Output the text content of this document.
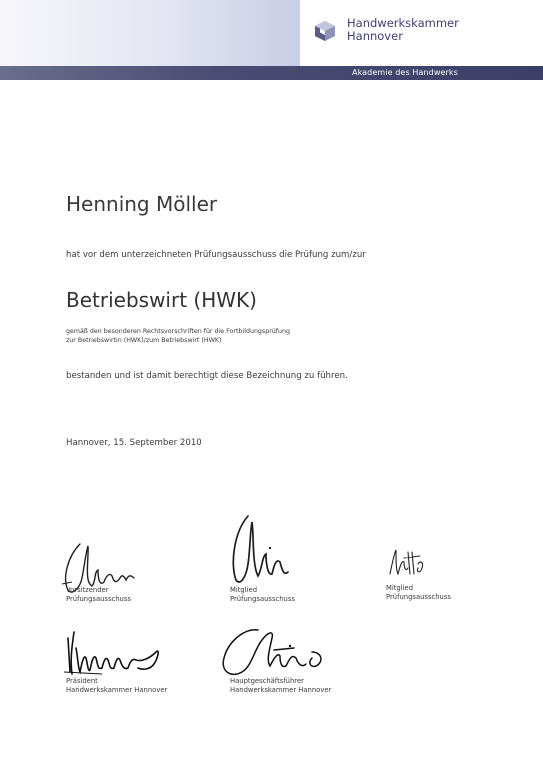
Handwerkskammer
Hannover
Akademie des Handwerks
Henning Möller
hat vor dem unterzeichneten Prüfungsausschuss die Prüfung zum/zur
Betriebswirt (HWK)
gemäß den besonderen Rechtsvorschriften für die Fortbildungsprüfung
zur Betriebswirtin (HWK)/zum Betriebswirt (HWK)
bestanden und ist damit berechtigt diese Bezeichnung zu führen.
Hannover, 15. September 2010
Vorsitzender
Prüfungsausschuss
Mitglied
Prüfungsausschuss
Mitglied
Prüfungsausschuss
Präsident
Handwerkskammer Hannover
Hauptgeschäftsführer
Handwerkskammer Hannover
